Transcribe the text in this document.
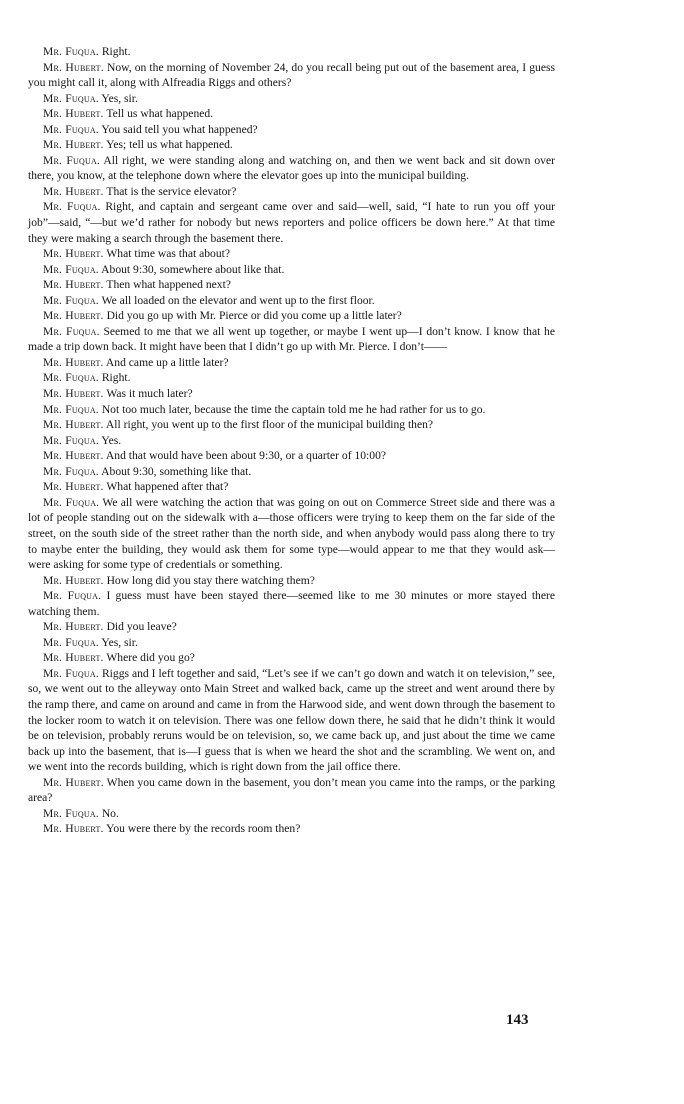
Mr. Fuqua. Right.

Mr. Hubert. Now, on the morning of November 24, do you recall being put out of the basement area, I guess you might call it, along with Alfreadia Riggs and others?

Mr. Fuqua. Yes, sir.

Mr. Hubert. Tell us what happened.

Mr. Fuqua. You said tell you what happened?

Mr. Hubert. Yes; tell us what happened.

Mr. Fuqua. All right, we were standing along and watching on, and then we went back and sit down over there, you know, at the telephone down where the elevator goes up into the municipal building.

Mr. Hubert. That is the service elevator?

Mr. Fuqua. Right, and captain and sergeant came over and said—well, said, “I hate to run you off your job”—said, “—but we’d rather for nobody but news reporters and police officers be down here.” At that time they were making a search through the basement there.

Mr. Hubert. What time was that about?

Mr. Fuqua. About 9:30, somewhere about like that.

Mr. Hubert. Then what happened next?

Mr. Fuqua. We all loaded on the elevator and went up to the first floor.

Mr. Hubert. Did you go up with Mr. Pierce or did you come up a little later?

Mr. Fuqua. Seemed to me that we all went up together, or maybe I went up—I don’t know. I know that he made a trip down back. It might have been that I didn’t go up with Mr. Pierce. I don’t——

Mr. Hubert. And came up a little later?

Mr. Fuqua. Right.

Mr. Hubert. Was it much later?

Mr. Fuqua. Not too much later, because the time the captain told me he had rather for us to go.

Mr. Hubert. All right, you went up to the first floor of the municipal building then?

Mr. Fuqua. Yes.

Mr. Hubert. And that would have been about 9:30, or a quarter of 10:00?

Mr. Fuqua. About 9:30, something like that.

Mr. Hubert. What happened after that?

Mr. Fuqua. We all were watching the action that was going on out on Commerce Street side and there was a lot of people standing out on the sidewalk with a—those officers were trying to keep them on the far side of the street, on the south side of the street rather than the north side, and when anybody would pass along there to try to maybe enter the building, they would ask them for some type—would appear to me that they would ask—were asking for some type of credentials or something.

Mr. Hubert. How long did you stay there watching them?

Mr. Fuqua. I guess must have been stayed there—seemed like to me 30 minutes or more stayed there watching them.

Mr. Hubert. Did you leave?

Mr. Fuqua. Yes, sir.

Mr. Hubert. Where did you go?

Mr. Fuqua. Riggs and I left together and said, “Let’s see if we can’t go down and watch it on television,” see, so, we went out to the alleyway onto Main Street and walked back, came up the street and went around there by the ramp there, and came on around and came in from the Harwood side, and went down through the basement to the locker room to watch it on television. There was one fellow down there, he said that he didn’t think it would be on television, probably reruns would be on television, so, we came back up, and just about the time we came back up into the basement, that is—I guess that is when we heard the shot and the scrambling. We went on, and we went into the records building, which is right down from the jail office there.

Mr. Hubert. When you came down in the basement, you don’t mean you came into the ramps, or the parking area?

Mr. Fuqua. No.

Mr. Hubert. You were there by the records room then?

143
